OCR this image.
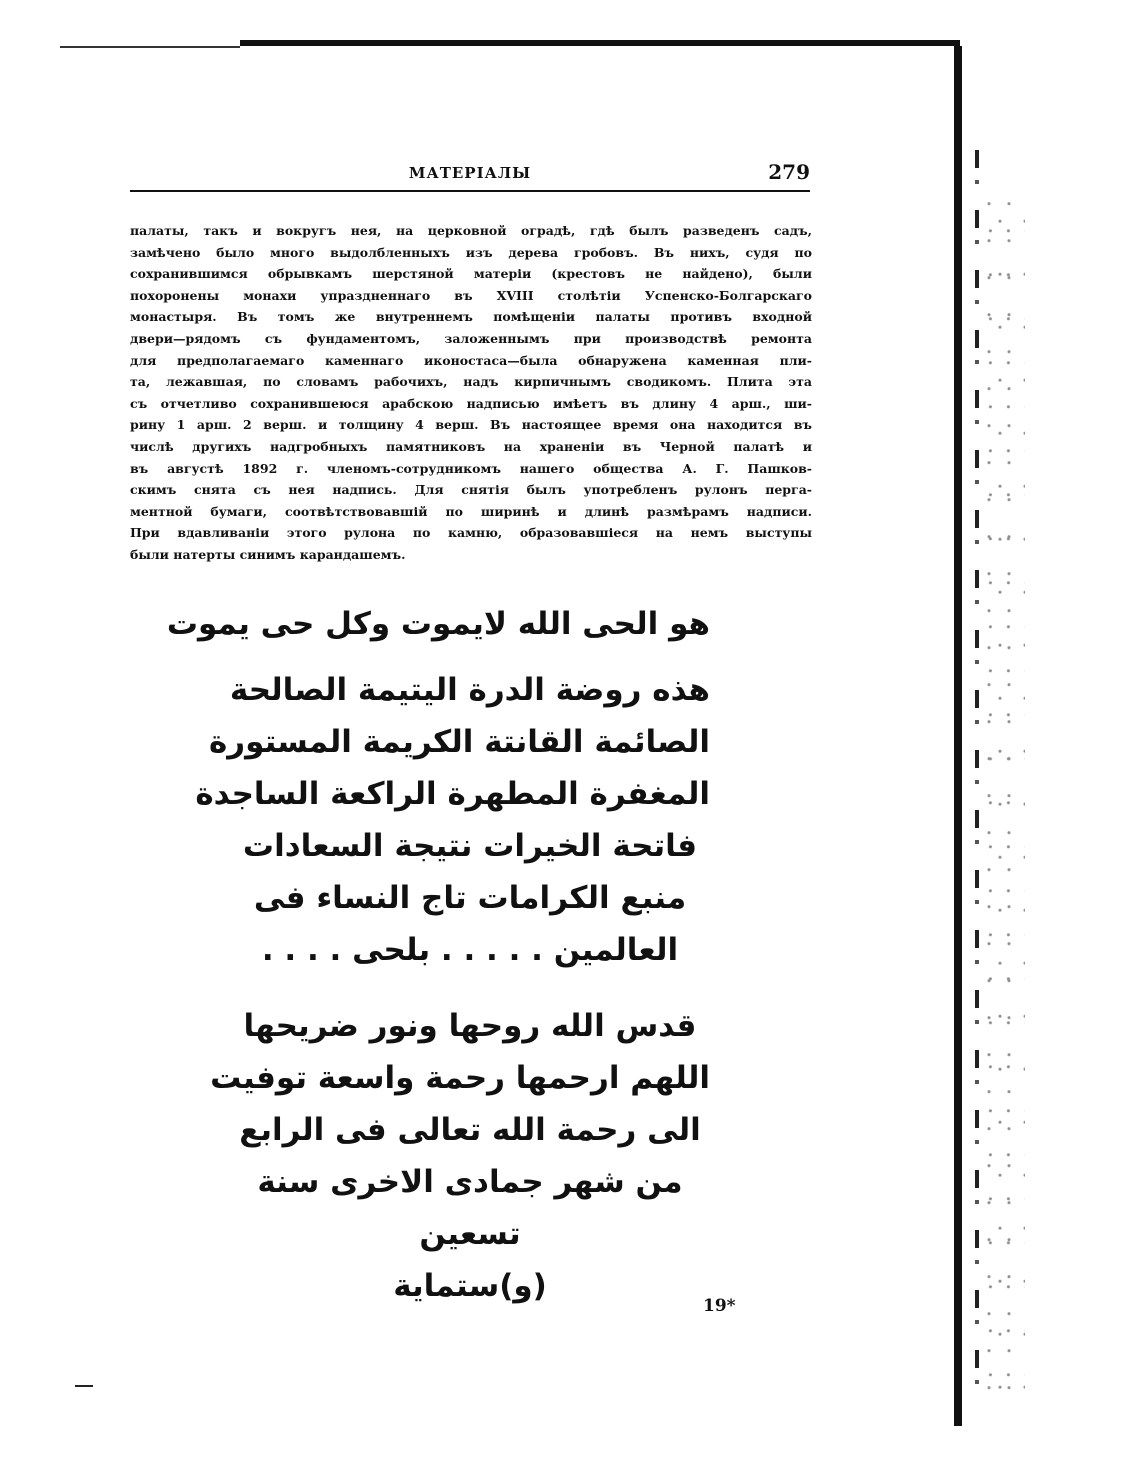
МАТЕРІАЛЫ	279
палаты, такъ и вокругъ нея, на церковной оградѣ, гдѣ былъ разведенъ садъ,
замѣчено было много выдолбленныхъ изъ дерева гробовъ. Въ нихъ, судя по
сохранившимся обрывкамъ шерстяной матеріи (крестовъ не найдено), были
похоронены монахи упраздненнаго въ XVIII столѣтіи Успенско-Болгарскаго
монастыря. Въ томъ же внутреннемъ помѣщеніи палаты противъ входной
двери—рядомъ съ фундаментомъ, заложеннымъ при производствѣ ремонта
для предполагаемаго каменнаго иконостаса—была обнаружена каменная пли-
та, лежавшая, по словамъ рабочихъ, надъ кирпичнымъ сводикомъ. Плита эта
съ отчетливо сохранившеюся арабскою надписью имѣетъ въ длину 4 арш., ши-
рину 1 арш. 2 верш. и толщину 4 верш. Въ настоящее время она находится въ
числѣ другихъ надгробныхъ памятниковъ на храненіи въ Черной палатѣ и
въ августѣ 1892 г. членомъ-сотрудникомъ нашего общества А. Г. Пашков-
скимъ снята съ нея надпись. Для снятія былъ употребленъ рулонъ перга-
ментной бумаги, соотвѣтствовавшій по ширинѣ и длинѣ размѣрамъ надписи.
При вдавливаніи этого рулона по камню, образовавшіеся на немъ выступы
были натерты синимъ карандашемъ.
هو الحى الله لايموت وكل حى يموت
هذه روضة الدرة اليتيمة الصالحة
الصائمة القانتة الكريمة المستورة
المغفرة المطهرة الراكعة الساجدة
فاتحة الخيرات نتيجة السعادات
منبع الكرامات تاج النساء فى
العالمين . . . . . بلحى . . . .
قدس الله روحها ونور ضريحها
اللهم ارحمها رحمة واسعة توفيت
الى رحمة الله تعالى فى الرابع
من شهر جمادى الاخرى سنة
تسعين
(و)ستماية
19*
